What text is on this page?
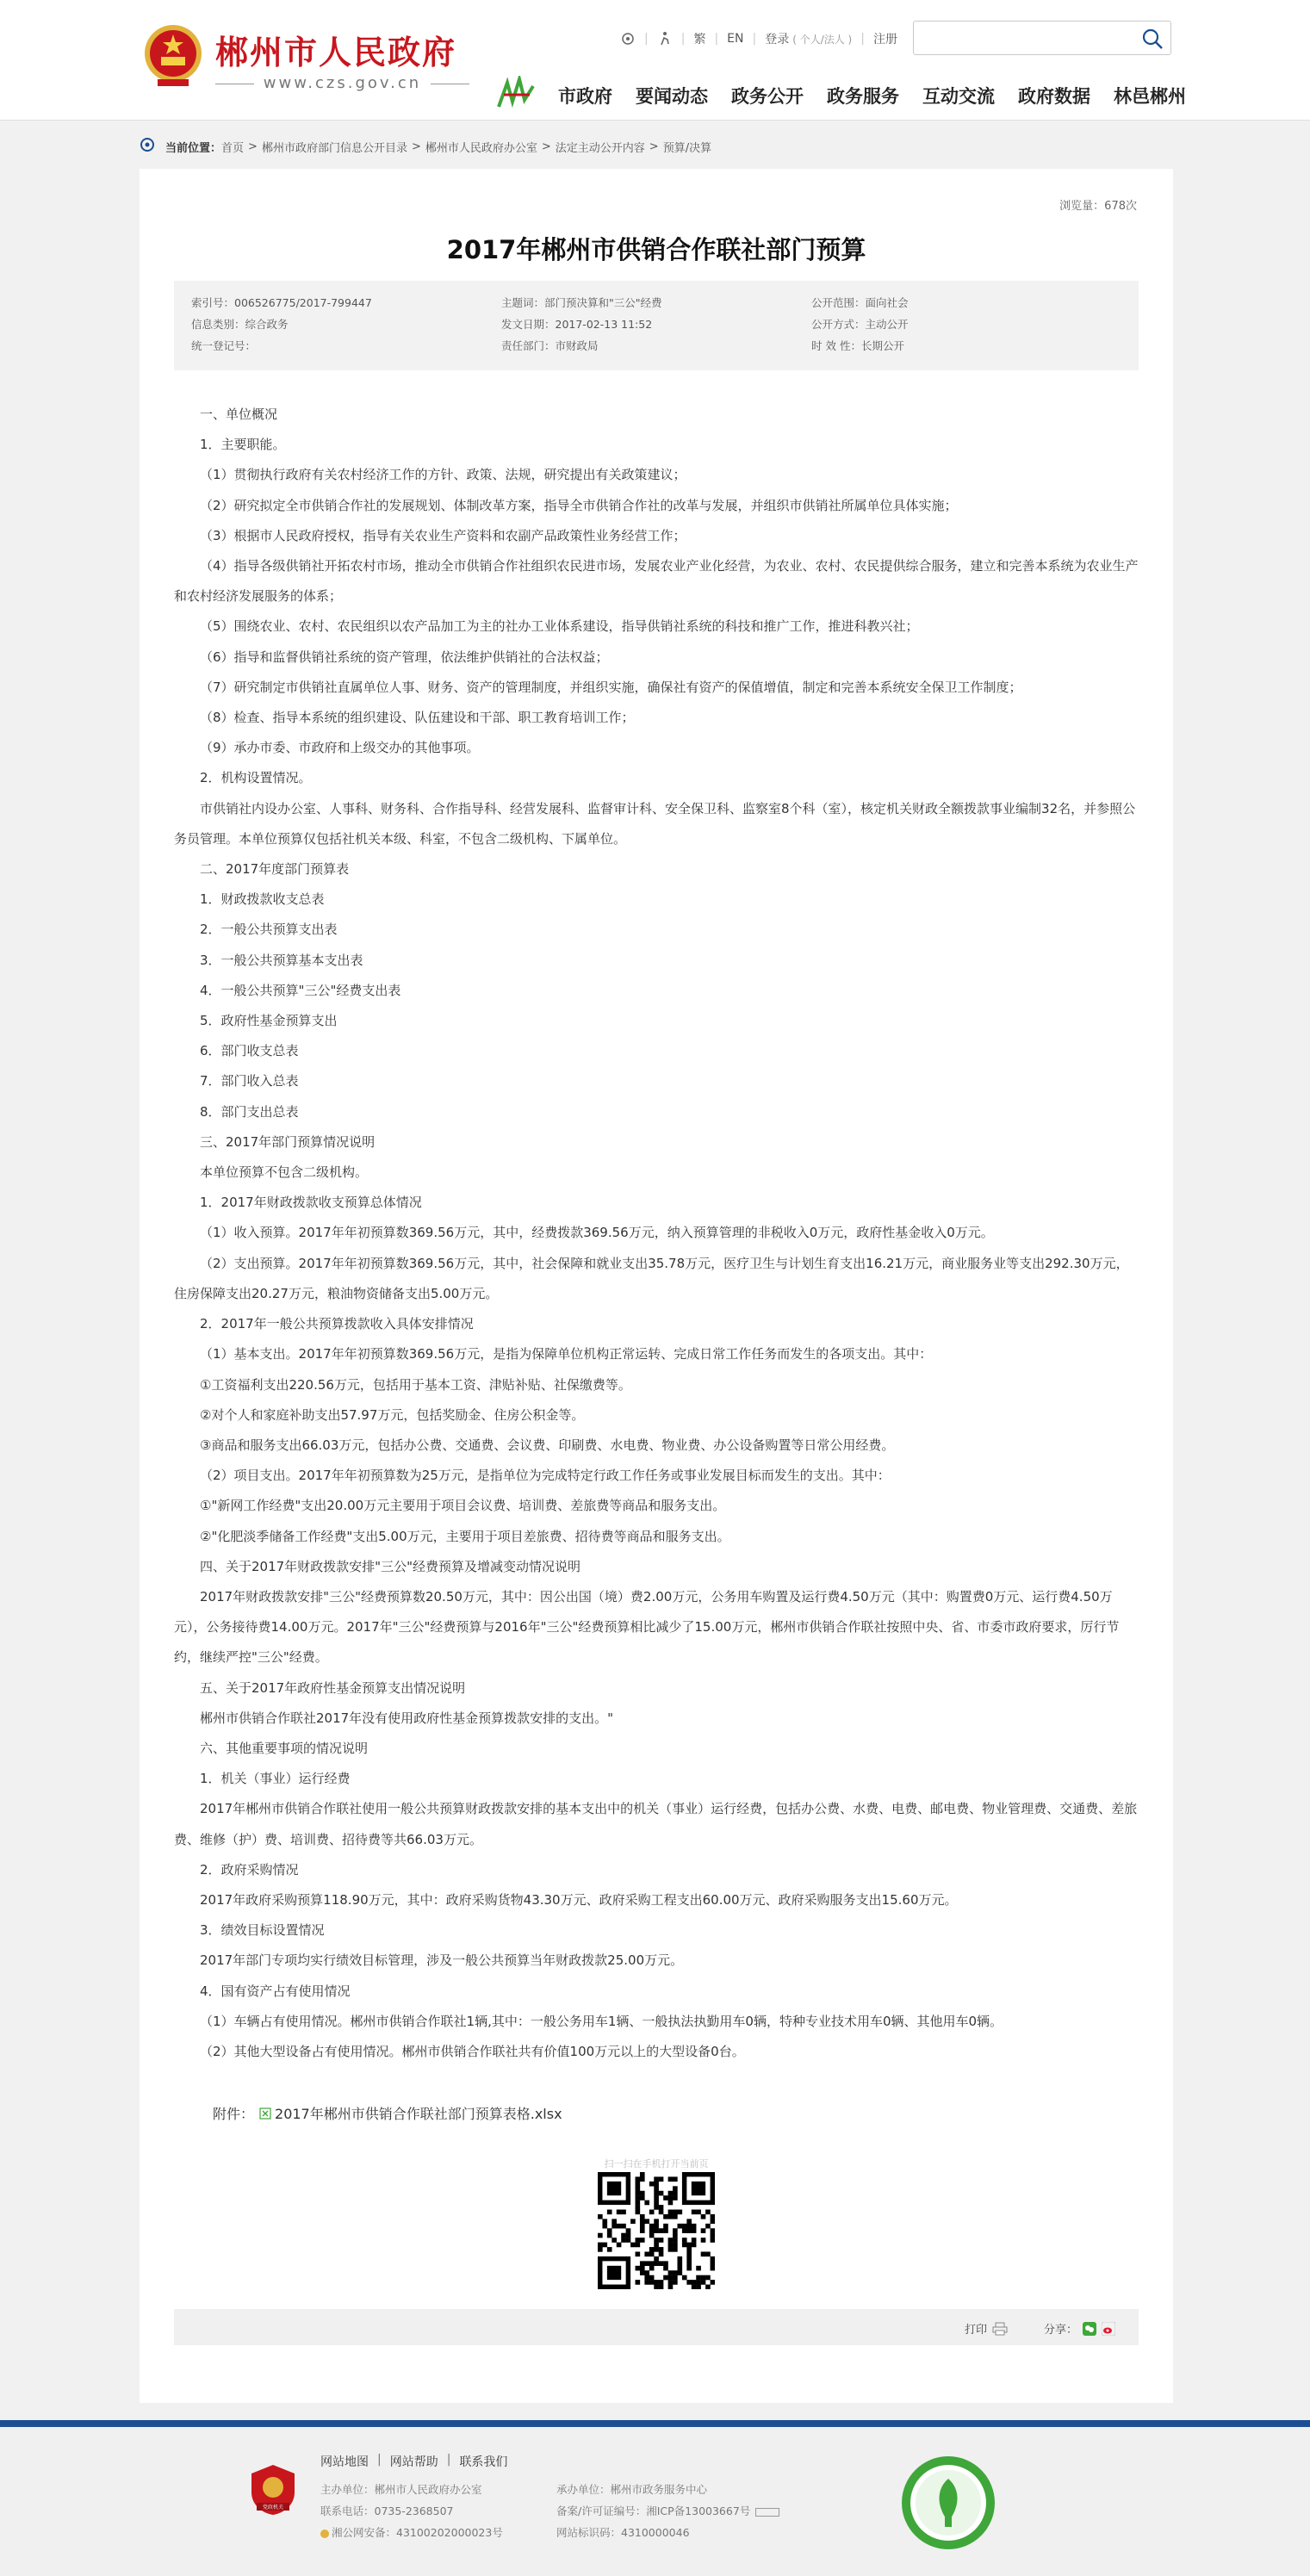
郴州市人民政府
www.czs.gov.cn
|	| 繁 | EN | 登录 ( 个人/法人 ) | 注册
市政府 要闻动态 政务公开 政务服务 互动交流 政府数据 林邑郴州
当前位置： 首页 > 郴州市政府部门信息公开目录 > 郴州市人民政府办公室 > 法定主动公开内容 > 预算/决算
浏览量：678次
2017年郴州市供销合作联社部门预算
索引号：006526775/2017-799447	主题词：部门预决算和"三公"经费	公开范围：面向社会
信息类别：综合政务	发文日期：2017-02-13 11:52	公开方式：主动公开
统一登记号：	责任部门：市财政局	时 效 性：长期公开

一、单位概况

1．主要职能。

（1）贯彻执行政府有关农村经济工作的方针、政策、法规，研究提出有关政策建议；

（2）研究拟定全市供销合作社的发展规划、体制改革方案，指导全市供销合作社的改革与发展，并组织市供销社所属单位具体实施；

（3）根据市人民政府授权，指导有关农业生产资料和农副产品政策性业务经营工作；

（4）指导各级供销社开拓农村市场，推动全市供销合作社组织农民进市场，发展农业产业化经营，为农业、农村、农民提供综合服务，建立和完善本系统为农业生产和农村经济发展服务的体系；

（5）围绕农业、农村、农民组织以农产品加工为主的社办工业体系建设，指导供销社系统的科技和推广工作，推进科教兴社；

（6）指导和监督供销社系统的资产管理，依法维护供销社的合法权益；

（7）研究制定市供销社直属单位人事、财务、资产的管理制度，并组织实施，确保社有资产的保值增值，制定和完善本系统安全保卫工作制度；

（8）检查、指导本系统的组织建设、队伍建设和干部、职工教育培训工作；

（9）承办市委、市政府和上级交办的其他事项。

2．机构设置情况。

市供销社内设办公室、人事科、财务科、合作指导科、经营发展科、监督审计科、安全保卫科、监察室8个科（室），核定机关财政全额拨款事业编制32名，并参照公务员管理。本单位预算仅包括社机关本级、科室，不包含二级机构、下属单位。

二、2017年度部门预算表

1．财政拨款收支总表

2．一般公共预算支出表

3．一般公共预算基本支出表

4．一般公共预算"三公"经费支出表

5．政府性基金预算支出

6．部门收支总表

7．部门收入总表

8．部门支出总表

三、2017年部门预算情况说明

本单位预算不包含二级机构。

1．2017年财政拨款收支预算总体情况

（1）收入预算。2017年年初预算数369.56万元，其中，经费拨款369.56万元，纳入预算管理的非税收入0万元，政府性基金收入0万元。

（2）支出预算。2017年年初预算数369.56万元，其中，社会保障和就业支出35.78万元，医疗卫生与计划生育支出16.21万元，商业服务业等支出292.30万元，住房保障支出20.27万元，粮油物资储备支出5.00万元。

2．2017年一般公共预算拨款收入具体安排情况

（1）基本支出。2017年年初预算数369.56万元，是指为保障单位机构正常运转、完成日常工作任务而发生的各项支出。其中：

①工资福利支出220.56万元，包括用于基本工资、津贴补贴、社保缴费等。

②对个人和家庭补助支出57.97万元，包括奖励金、住房公积金等。

③商品和服务支出66.03万元，包括办公费、交通费、会议费、印刷费、水电费、物业费、办公设备购置等日常公用经费。

（2）项目支出。2017年年初预算数为25万元，是指单位为完成特定行政工作任务或事业发展目标而发生的支出。其中：

①"新网工作经费"支出20.00万元主要用于项目会议费、培训费、差旅费等商品和服务支出。

②"化肥淡季储备工作经费"支出5.00万元，主要用于项目差旅费、招待费等商品和服务支出。

四、关于2017年财政拨款安排"三公"经费预算及增减变动情况说明

2017年财政拨款安排"三公"经费预算数20.50万元，其中：因公出国（境）费2.00万元，公务用车购置及运行费4.50万元（其中：购置费0万元、运行费4.50万元），公务接待费14.00万元。2017年"三公"经费预算与2016年"三公"经费预算相比减少了15.00万元，郴州市供销合作联社按照中央、省、市委市政府要求，厉行节约，继续严控"三公"经费。

五、关于2017年政府性基金预算支出情况说明

郴州市供销合作联社2017年没有使用政府性基金预算拨款安排的支出。"

六、其他重要事项的情况说明

1．机关（事业）运行经费

2017年郴州市供销合作联社使用一般公共预算财政拨款安排的基本支出中的机关（事业）运行经费，包括办公费、水费、电费、邮电费、物业管理费、交通费、差旅费、维修（护）费、培训费、招待费等共66.03万元。

2．政府采购情况

2017年政府采购预算118.90万元，其中：政府采购货物43.30万元、政府采购工程支出60.00万元、政府采购服务支出15.60万元。

3．绩效目标设置情况

2017年部门专项均实行绩效目标管理，涉及一般公共预算当年财政拨款25.00万元。

4．国有资产占有使用情况

（1）车辆占有使用情况。郴州市供销合作联社1辆,其中：一般公务用车1辆、一般执法执勤用车0辆，特种专业技术用车0辆、其他用车0辆。

（2）其他大型设备占有使用情况。郴州市供销合作联社共有价值100万元以上的大型设备0台。

附件： 2017年郴州市供销合作联社部门预算表格.xlsx
扫一扫在手机打开当前页
打印	分享：
党政机关
网站地图 | 网站帮助 | 联系我们
主办单位：郴州市人民政府办公室
联系电话：0735-2368507
湘公网安备：43100202000023号
承办单位：郴州市政务服务中心
备案/许可证编号：湘ICP备13003667号
网站标识码：4310000046
